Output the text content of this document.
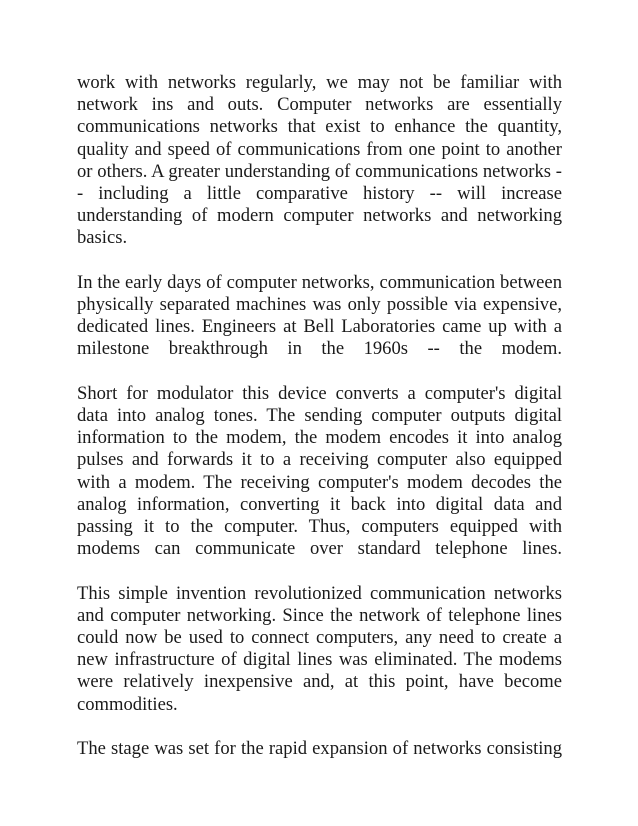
work with networks regularly, we may not be familiar with network ins and outs. Computer networks are essentially communications networks that exist to enhance the quantity, quality and speed of communications from one point to another or others. A greater understanding of communications networks -- including a little comparative history -- will increase understanding of modern computer networks and networking basics.

In the early days of computer networks, communication between physically separated machines was only possible via expensive, dedicated lines. Engineers at Bell Laboratories came up with a milestone breakthrough in the 1960s -- the modem.

Short for modulator this device converts a computer's digital data into analog tones. The sending computer outputs digital information to the modem, the modem encodes it into analog pulses and forwards it to a receiving computer also equipped with a modem. The receiving computer's modem decodes the analog information, converting it back into digital data and passing it to the computer. Thus, computers equipped with modems can communicate over standard telephone lines.

This simple invention revolutionized communication networks and computer networking. Since the network of telephone lines could now be used to connect computers, any need to create a new infrastructure of digital lines was eliminated. The modems were relatively inexpensive and, at this point, have become commodities.

The stage was set for the rapid expansion of networks consisting
